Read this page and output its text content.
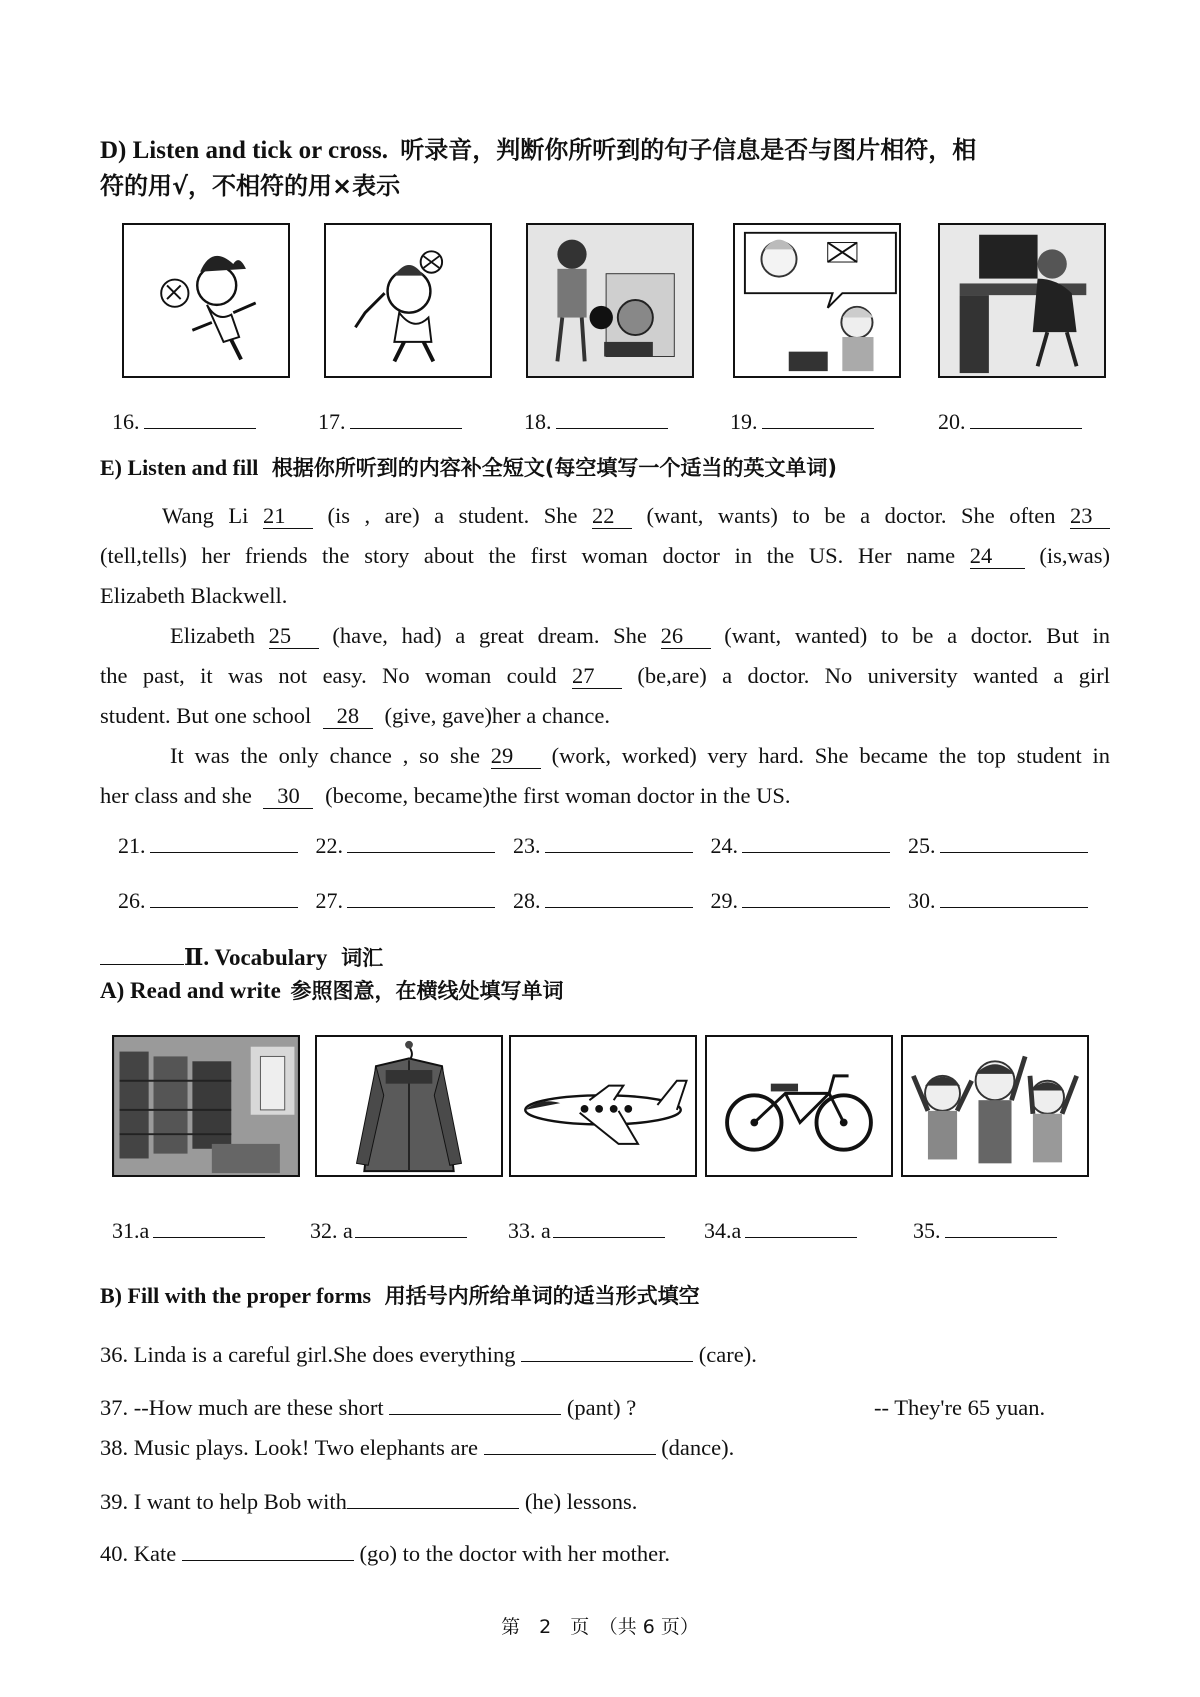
D) Listen and tick or cross. 听录音，判断你所听到的句子信息是否与图片相符，相
符的用√，不相符的用×表示
16.	17.	18.	19.	20.
E) Listen and fill 根据你所听到的内容补全短文(每空填写一个适当的英文单词)
Wang Li 21 (is , are) a student. She 22 (want, wants) to be a doctor. She often 23
(tell,tells) her friends the story about the first woman doctor in the US. Her name 24 (is,was)
Elizabeth Blackwell.
Elizabeth 25 (have, had) a great dream. She 26 (want, wanted) to be a doctor. But in
the past, it was not easy. No woman could 27 (be,are) a doctor. No university wanted a girl
student. But one school 28 (give, gave)her a chance.
It was the only chance , so she 29 (work, worked) very hard. She became the top student in
her class and she 30 (become, became)the first woman doctor in the US.
21.	22.	23.	24.	25.
26.	27.	28.	29.	30.
Ⅱ. Vocabulary 词汇
A) Read and write 参照图意，在横线处填写单词
31.a	32. a	33. a	34.a	35.
B) Fill with the proper forms 用括号内所给单词的适当形式填空
36. Linda is a careful girl.She does everything	(care).
37. --How much are these short	(pant) ?	-- They're 65 yuan.
38. Music plays. Look! Two elephants are	(dance).
39. I want to help Bob with	(he) lessons.
40. Kate	(go) to the doctor with her mother.
第　2　页　（共 6 页）
